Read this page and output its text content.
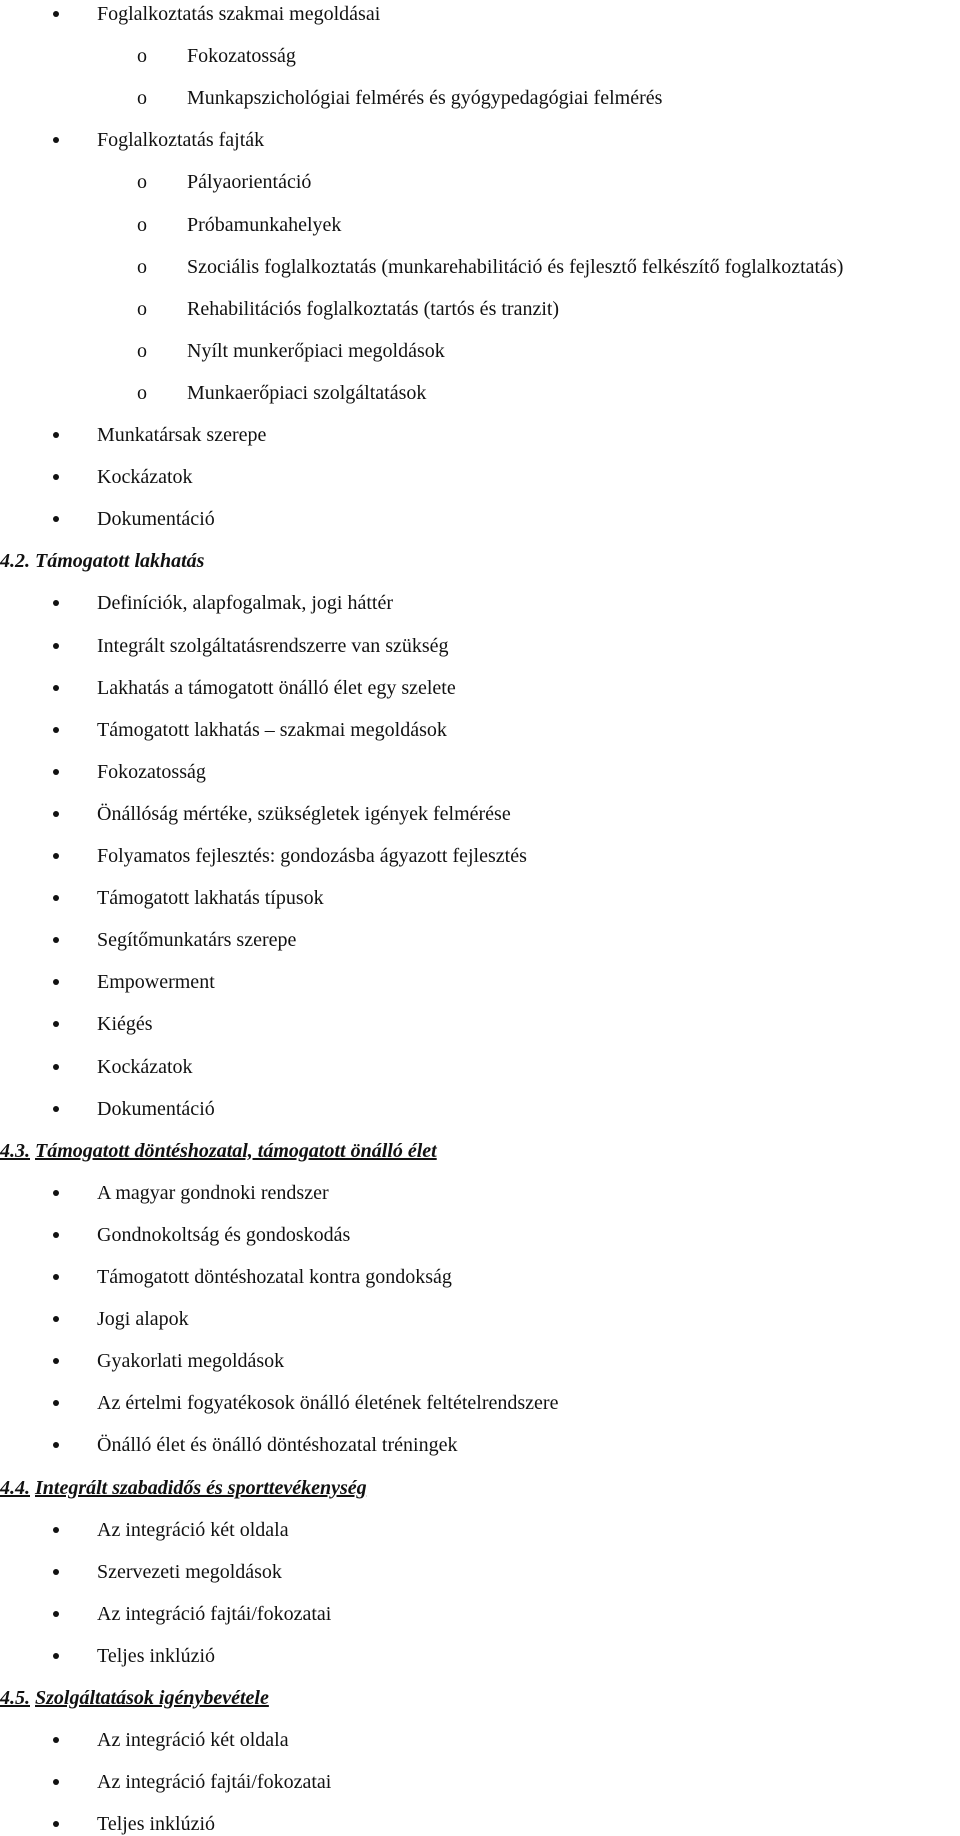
Foglalkoztatás szakmai megoldásai
o Fokozatosság
o Munkapszichológiai felmérés és gyógypedagógiai felmérés
Foglalkoztatás fajták
o Pályaorientáció
o Próbamunkahelyek
o Szociális foglalkoztatás (munkarehabilitáció és fejlesztő felkészítő foglalkoztatás)
o Rehabilitációs foglalkoztatás (tartós és tranzit)
o Nyílt munkerőpiaci megoldások
o Munkaerőpiaci szolgáltatások
Munkatársak szerepe
Kockázatok
Dokumentáció
4.2. Támogatott lakhatás
Definíciók, alapfogalmak, jogi háttér
Integrált szolgáltatásrendszerre van szükség
Lakhatás a támogatott önálló élet egy szelete
Támogatott lakhatás – szakmai megoldások
Fokozatosság
Önállóság mértéke, szükségletek igények felmérése
Folyamatos fejlesztés: gondozásba ágyazott fejlesztés
Támogatott lakhatás típusok
Segítőmunkatárs szerepe
Empowerment
Kiégés
Kockázatok
Dokumentáció
4.3. Támogatott döntéshozatal, támogatott önálló élet
A magyar gondnoki rendszer
Gondnokoltság és gondoskodás
Támogatott döntéshozatal kontra gondokság
Jogi alapok
Gyakorlati megoldások
Az értelmi fogyatékosok önálló életének feltételrendszere
Önálló élet és önálló döntéshozatal tréningek
4.4. Integrált szabadidős és sporttevékenység
Az integráció két oldala
Szervezeti megoldások
Az integráció fajtái/fokozatai
Teljes inklúzió
4.5. Szolgáltatások igénybevétele
Az integráció két oldala
Az integráció fajtái/fokozatai
Teljes inklúzió
